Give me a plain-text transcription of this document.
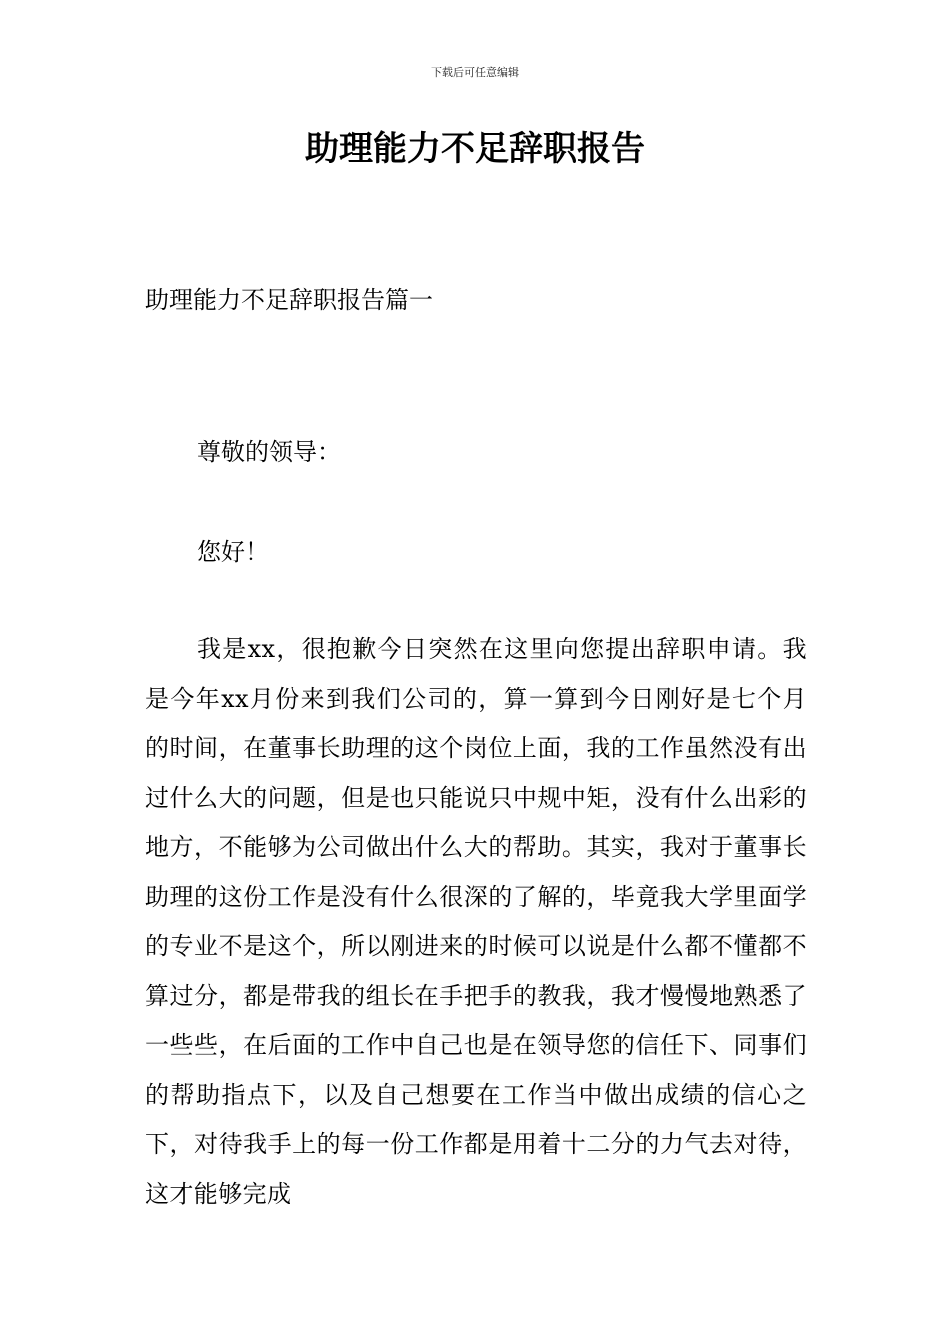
下载后可任意编辑
助理能力不足辞职报告
助理能力不足辞职报告篇一

尊敬的领导：

您好！

我是xx，很抱歉今日突然在这里向您提出辞职申请。我是今年xx月份来到我们公司的，算一算到今日刚好是七个月的时间，在董事长助理的这个岗位上面，我的工作虽然没有出过什么大的问题，但是也只能说只中规中矩，没有什么出彩的地方，不能够为公司做出什么大的帮助。其实，我对于董事长助理的这份工作是没有什么很深的了解的，毕竟我大学里面学的专业不是这个，所以刚进来的时候可以说是什么都不懂都不算过分，都是带我的组长在手把手的教我，我才慢慢地熟悉了一些些，在后面的工作中自己也是在领导您的信任下、同事们的帮助指点下，以及自己想要在工作当中做出成绩的信心之下，对待我手上的每一份工作都是用着十二分的力气去对待，这才能够完成
